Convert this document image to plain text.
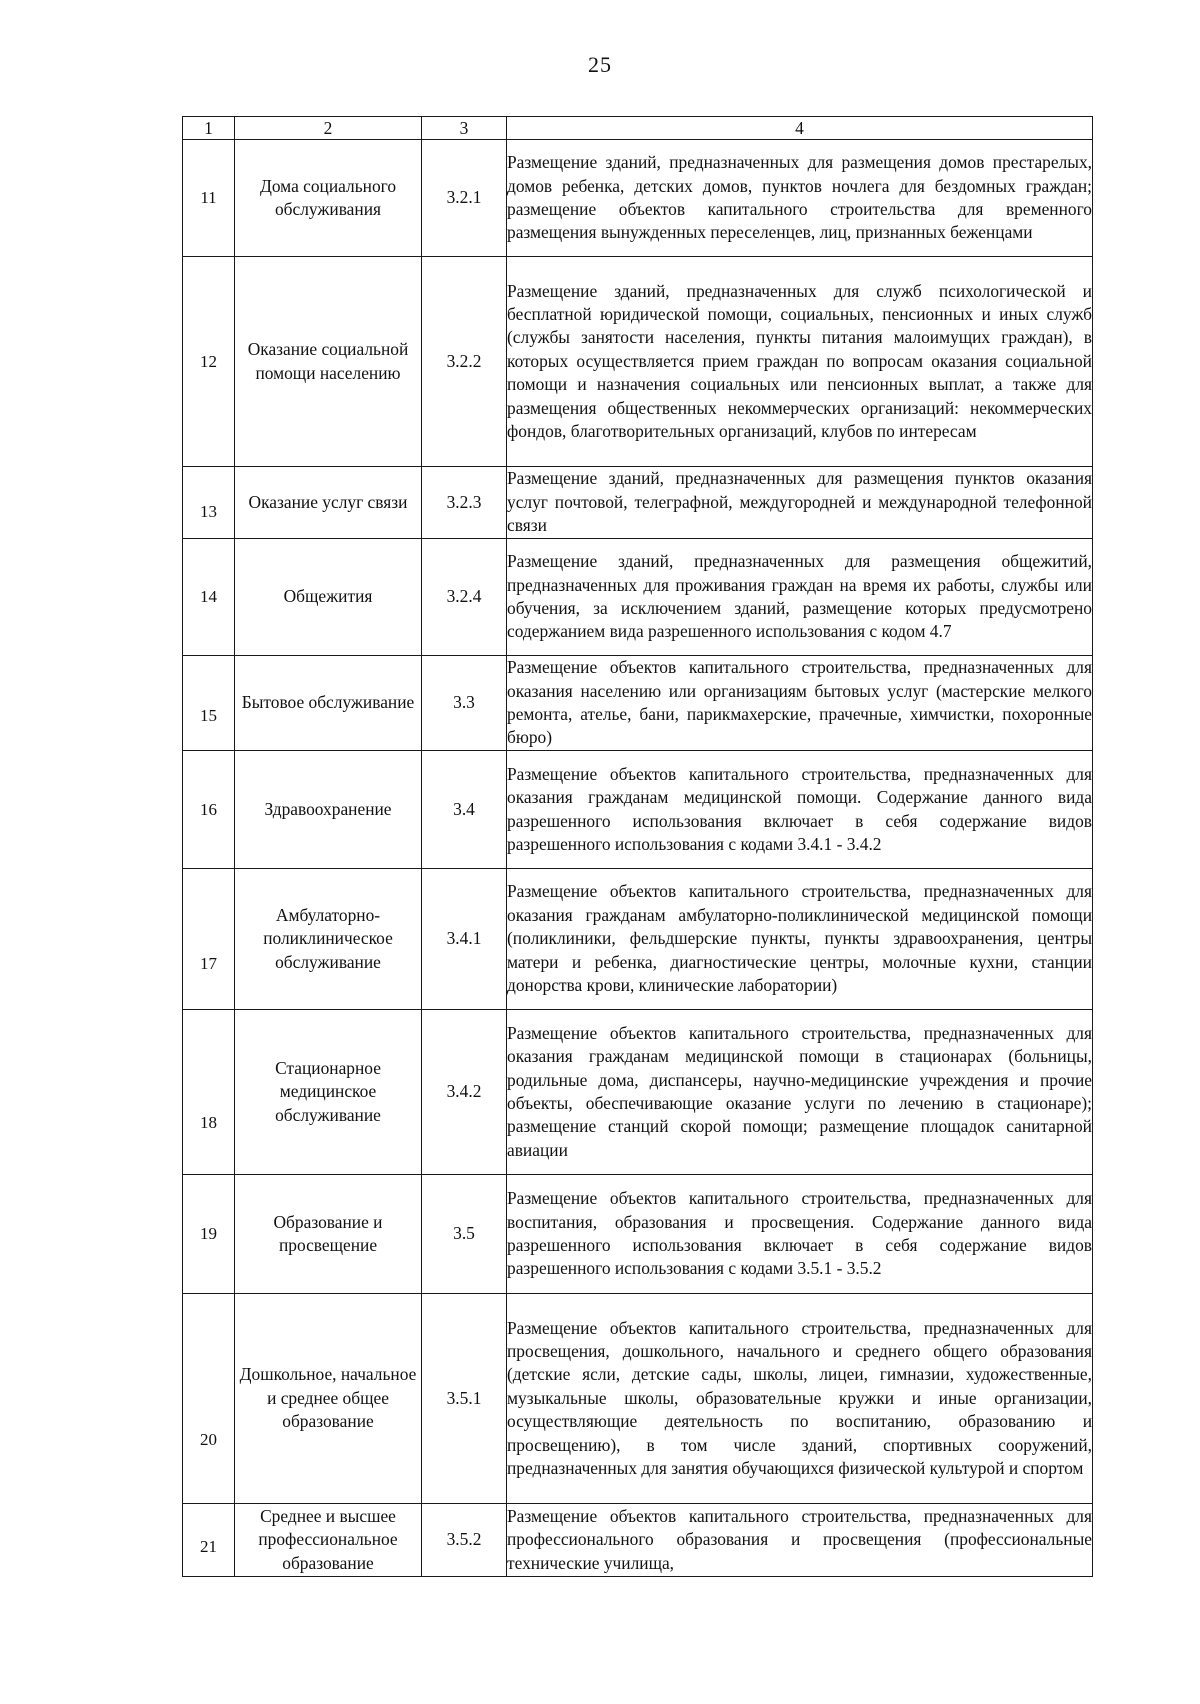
25
1	2	3	4
11	Дома социального обслуживания	3.2.1	Размещение зданий, предназначенных для размещения домов престарелых, домов ребенка, детских домов, пунктов ночлега для бездомных граждан; размещение объектов капитального строительства для временного размещения вынужденных переселенцев, лиц, признанных беженцами

12	Оказание социальной помощи населению	3.2.2	Размещение зданий, предназначенных для служб психологической и бесплатной юридической помощи, социальных, пенсионных и иных служб (службы занятости населения, пункты питания малоимущих граждан), в которых осуществляется прием граждан по вопросам оказания социальной помощи и назначения социальных или пенсионных выплат, а также для размещения общественных некоммерческих организаций: некоммерческих фондов, благотворительных организаций, клубов по интересам

13	Оказание услуг связи	3.2.3	Размещение зданий, предназначенных для размещения пунктов оказания услуг почтовой, телеграфной, междугородней и международной телефонной связи

14	Общежития	3.2.4	Размещение зданий, предназначенных для размещения общежитий, предназначенных для проживания граждан на время их работы, службы или обучения, за исключением зданий, размещение которых предусмотрено содержанием вида разрешенного использования с кодом 4.7

15	Бытовое обслуживание	3.3	Размещение объектов капитального строительства, предназначенных для оказания населению или организациям бытовых услуг (мастерские мелкого ремонта, ателье, бани, парикмахерские, прачечные, химчистки, похоронные бюро)

16	Здравоохранение	3.4	Размещение объектов капитального строительства, предназначенных для оказания гражданам медицинской помощи. Содержание данного вида разрешенного использования включает в себя содержание видов разрешенного использования с кодами 3.4.1 - 3.4.2

17	Амбулаторно-поликлиническое обслуживание	3.4.1	Размещение объектов капитального строительства, предназначенных для оказания гражданам амбулаторно-поликлинической медицинской помощи (поликлиники, фельдшерские пункты, пункты здравоохранения, центры матери и ребенка, диагностические центры, молочные кухни, станции донорства крови, клинические лаборатории)

18	Стационарное медицинское обслуживание	3.4.2	Размещение объектов капитального строительства, предназначенных для оказания гражданам медицинской помощи в стационарах (больницы, родильные дома, диспансеры, научно-медицинские учреждения и прочие объекты, обеспечивающие оказание услуги по лечению в стационаре); размещение станций скорой помощи; размещение площадок санитарной авиации

19	Образование и просвещение	3.5	Размещение объектов капитального строительства, предназначенных для воспитания, образования и просвещения. Содержание данного вида разрешенного использования включает в себя содержание видов разрешенного использования с кодами 3.5.1 - 3.5.2

20	Дошкольное, начальное и среднее общее образование	3.5.1	Размещение объектов капитального строительства, предназначенных для просвещения, дошкольного, начального и среднего общего образования (детские ясли, детские сады, школы, лицеи, гимназии, художественные, музыкальные школы, образовательные кружки и иные организации, осуществляющие деятельность по воспитанию, образованию и просвещению), в том числе зданий, спортивных сооружений, предназначенных для занятия обучающихся физической культурой и спортом

21	Среднее и высшее профессиональное образование	3.5.2	Размещение объектов капитального строительства, предназначенных для профессионального образования и просвещения (профессиональные технические училища,
